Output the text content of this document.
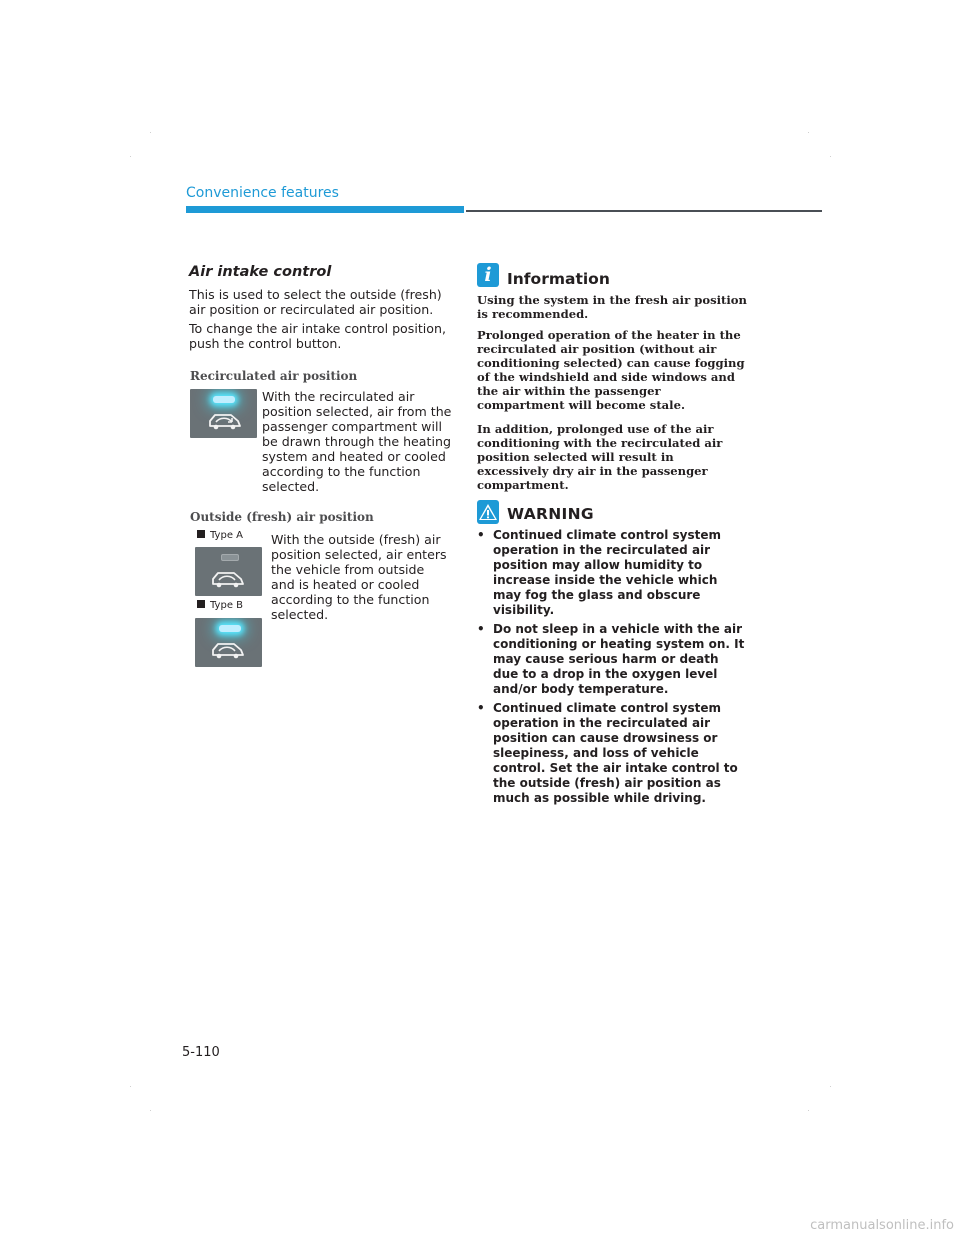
Convenience features
Air intake control
This is used to select the outside (fresh) air position or recirculated air position.
To change the air intake control position, push the control button.
Recirculated air position
With the recirculated air position selected, air from the passenger compartment will be drawn through the heating system and heated or cooled according to the function selected.
Outside (fresh) air position
Type A
Type B
With the outside (fresh) air position selected, air enters the vehicle from outside and is heated or cooled according to the function selected.
i Information
Using the system in the fresh air position is recommended.
Prolonged operation of the heater in the recirculated air position (without air conditioning selected) can cause fogging of the windshield and side windows and the air within the passenger compartment will become stale.
In addition, prolonged use of the air conditioning with the recirculated air position selected will result in excessively dry air in the passenger compartment.
WARNING
• Continued climate control system operation in the recirculated air position may allow humidity to increase inside the vehicle which may fog the glass and obscure visibility.
• Do not sleep in a vehicle with the air conditioning or heating system on. It may cause serious harm or death due to a drop in the oxygen level and/or body temperature.
• Continued climate control system operation in the recirculated air position can cause drowsiness or sleepiness, and loss of vehicle control. Set the air intake control to the outside (fresh) air position as much as possible while driving.
5-110
carmanualsonline.info
